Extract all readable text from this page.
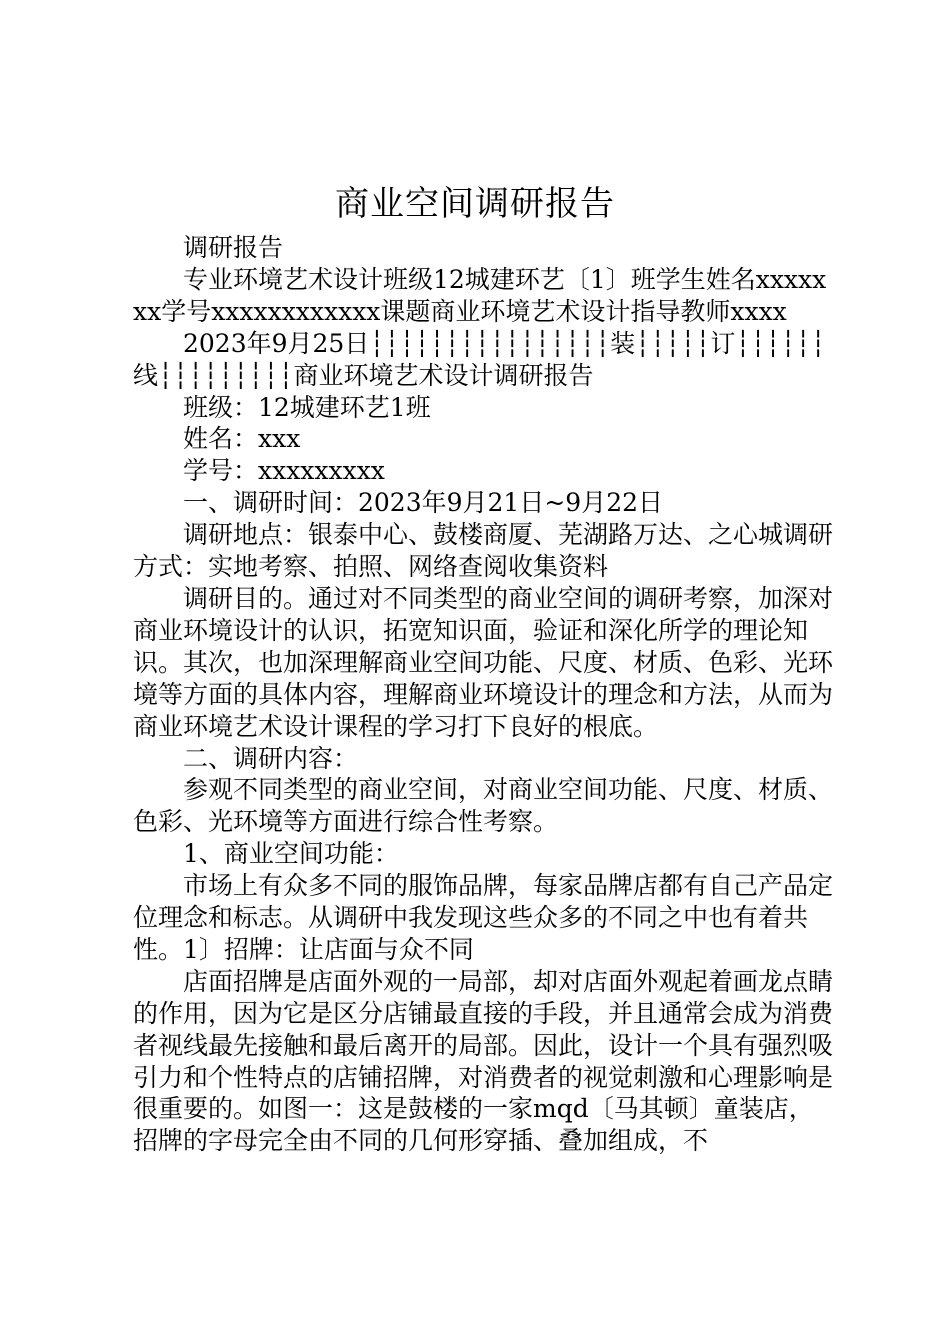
商业空间调研报告

调研报告

专业环境艺术设计班级12城建环艺〔1〕班学生姓名xxxxxxx学号xxxxxxxxxxxx课题商业环境艺术设计指导教师xxxx

2023年9月25日┆┆┆┆┆┆┆┆┆┆┆┆┆┆┆┆装┆┆┆┆┆订┆┆┆┆┆┆线┆┆┆┆┆┆┆┆┆商业环境艺术设计调研报告

班级：12城建环艺1班

姓名：xxx

学号：xxxxxxxxx

一、调研时间：2023年9月21日~9月22日

调研地点：银泰中心、鼓楼商厦、芜湖路万达、之心城调研方式：实地考察、拍照、网络查阅收集资料

调研目的。通过对不同类型的商业空间的调研考察，加深对商业环境设计的认识，拓宽知识面，验证和深化所学的理论知识。其次，也加深理解商业空间功能、尺度、材质、色彩、光环境等方面的具体内容，理解商业环境设计的理念和方法，从而为商业环境艺术设计课程的学习打下良好的根底。

二、调研内容：

参观不同类型的商业空间，对商业空间功能、尺度、材质、色彩、光环境等方面进行综合性考察。

1、商业空间功能：

市场上有众多不同的服饰品牌，每家品牌店都有自己产品定位理念和标志。从调研中我发现这些众多的不同之中也有着共性。1〕招牌：让店面与众不同

店面招牌是店面外观的一局部，却对店面外观起着画龙点睛的作用，因为它是区分店铺最直接的手段，并且通常会成为消费者视线最先接触和最后离开的局部。因此，设计一个具有强烈吸引力和个性特点的店铺招牌，对消费者的视觉刺激和心理影响是很重要的。如图一：这是鼓楼的一家mqd〔马其顿〕童装店，招牌的字母完全由不同的几何形穿插、叠加组成，不
